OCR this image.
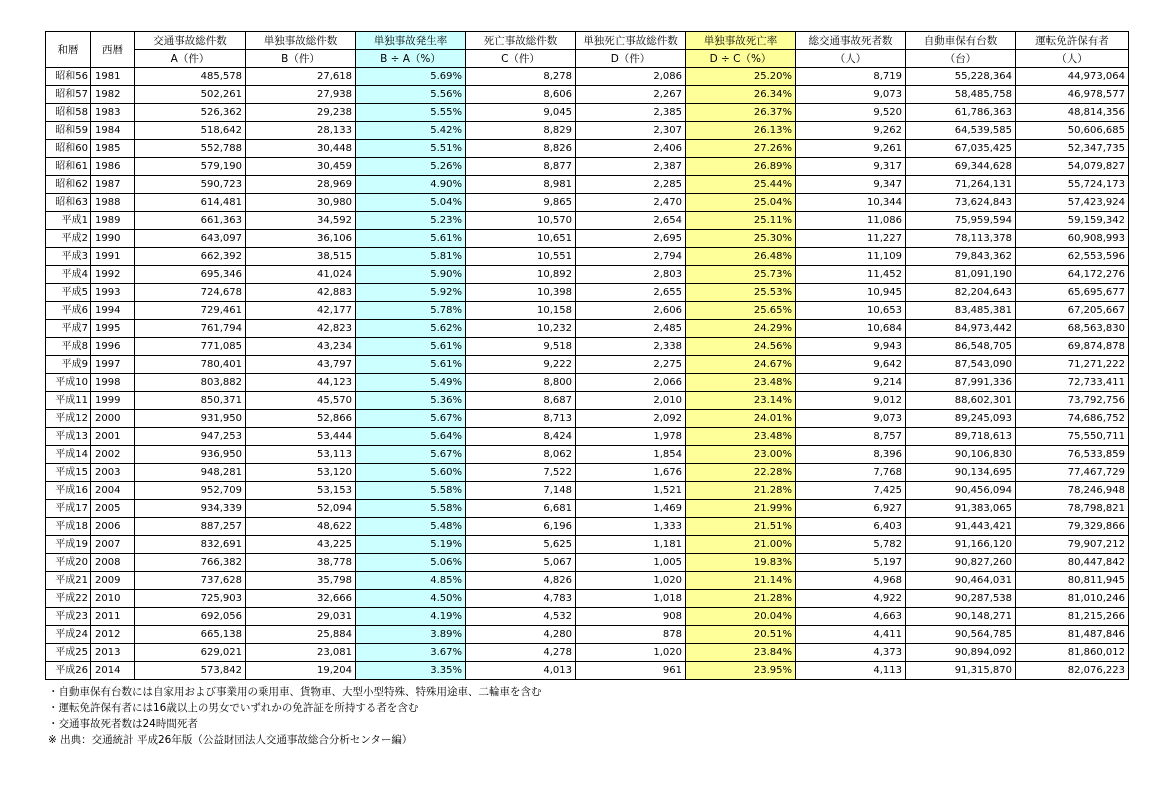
和暦	西暦	交通事故総件数	単独事故総件数	単独事故発生率	死亡事故総件数	単独死亡事故総件数	単独事故死亡率	総交通事故死者数	自動車保有台数	運転免許保有者
		A（件）	B（件）	B ÷ A（%）	C（件）	D（件）	D ÷ C（%）	（人）	（台）	（人）
昭和56	1981	485,578	27,618	5.69%	8,278	2,086	25.20%	8,719	55,228,364	44,973,064
昭和57	1982	502,261	27,938	5.56%	8,606	2,267	26.34%	9,073	58,485,758	46,978,577
昭和58	1983	526,362	29,238	5.55%	9,045	2,385	26.37%	9,520	61,786,363	48,814,356
昭和59	1984	518,642	28,133	5.42%	8,829	2,307	26.13%	9,262	64,539,585	50,606,685
昭和60	1985	552,788	30,448	5.51%	8,826	2,406	27.26%	9,261	67,035,425	52,347,735
昭和61	1986	579,190	30,459	5.26%	8,877	2,387	26.89%	9,317	69,344,628	54,079,827
昭和62	1987	590,723	28,969	4.90%	8,981	2,285	25.44%	9,347	71,264,131	55,724,173
昭和63	1988	614,481	30,980	5.04%	9,865	2,470	25.04%	10,344	73,624,843	57,423,924
平成1	1989	661,363	34,592	5.23%	10,570	2,654	25.11%	11,086	75,959,594	59,159,342
平成2	1990	643,097	36,106	5.61%	10,651	2,695	25.30%	11,227	78,113,378	60,908,993
平成3	1991	662,392	38,515	5.81%	10,551	2,794	26.48%	11,109	79,843,362	62,553,596
平成4	1992	695,346	41,024	5.90%	10,892	2,803	25.73%	11,452	81,091,190	64,172,276
平成5	1993	724,678	42,883	5.92%	10,398	2,655	25.53%	10,945	82,204,643	65,695,677
平成6	1994	729,461	42,177	5.78%	10,158	2,606	25.65%	10,653	83,485,381	67,205,667
平成7	1995	761,794	42,823	5.62%	10,232	2,485	24.29%	10,684	84,973,442	68,563,830
平成8	1996	771,085	43,234	5.61%	9,518	2,338	24.56%	9,943	86,548,705	69,874,878
平成9	1997	780,401	43,797	5.61%	9,222	2,275	24.67%	9,642	87,543,090	71,271,222
平成10	1998	803,882	44,123	5.49%	8,800	2,066	23.48%	9,214	87,991,336	72,733,411
平成11	1999	850,371	45,570	5.36%	8,687	2,010	23.14%	9,012	88,602,301	73,792,756
平成12	2000	931,950	52,866	5.67%	8,713	2,092	24.01%	9,073	89,245,093	74,686,752
平成13	2001	947,253	53,444	5.64%	8,424	1,978	23.48%	8,757	89,718,613	75,550,711
平成14	2002	936,950	53,113	5.67%	8,062	1,854	23.00%	8,396	90,106,830	76,533,859
平成15	2003	948,281	53,120	5.60%	7,522	1,676	22.28%	7,768	90,134,695	77,467,729
平成16	2004	952,709	53,153	5.58%	7,148	1,521	21.28%	7,425	90,456,094	78,246,948
平成17	2005	934,339	52,094	5.58%	6,681	1,469	21.99%	6,927	91,383,065	78,798,821
平成18	2006	887,257	48,622	5.48%	6,196	1,333	21.51%	6,403	91,443,421	79,329,866
平成19	2007	832,691	43,225	5.19%	5,625	1,181	21.00%	5,782	91,166,120	79,907,212
平成20	2008	766,382	38,778	5.06%	5,067	1,005	19.83%	5,197	90,827,260	80,447,842
平成21	2009	737,628	35,798	4.85%	4,826	1,020	21.14%	4,968	90,464,031	80,811,945
平成22	2010	725,903	32,666	4.50%	4,783	1,018	21.28%	4,922	90,287,538	81,010,246
平成23	2011	692,056	29,031	4.19%	4,532	908	20.04%	4,663	90,148,271	81,215,266
平成24	2012	665,138	25,884	3.89%	4,280	878	20.51%	4,411	90,564,785	81,487,846
平成25	2013	629,021	23,081	3.67%	4,278	1,020	23.84%	4,373	90,894,092	81,860,012
平成26	2014	573,842	19,204	3.35%	4,013	961	23.95%	4,113	91,315,870	82,076,223
・自動車保有台数には自家用および事業用の乗用車、貨物車、大型小型特殊、特殊用途車、二輪車を含む
・運転免許保有者には16歳以上の男女でいずれかの免許証を所持する者を含む
・交通事故死者数は24時間死者
※ 出典：交通統計 平成26年版（公益財団法人交通事故総合分析センター編）
